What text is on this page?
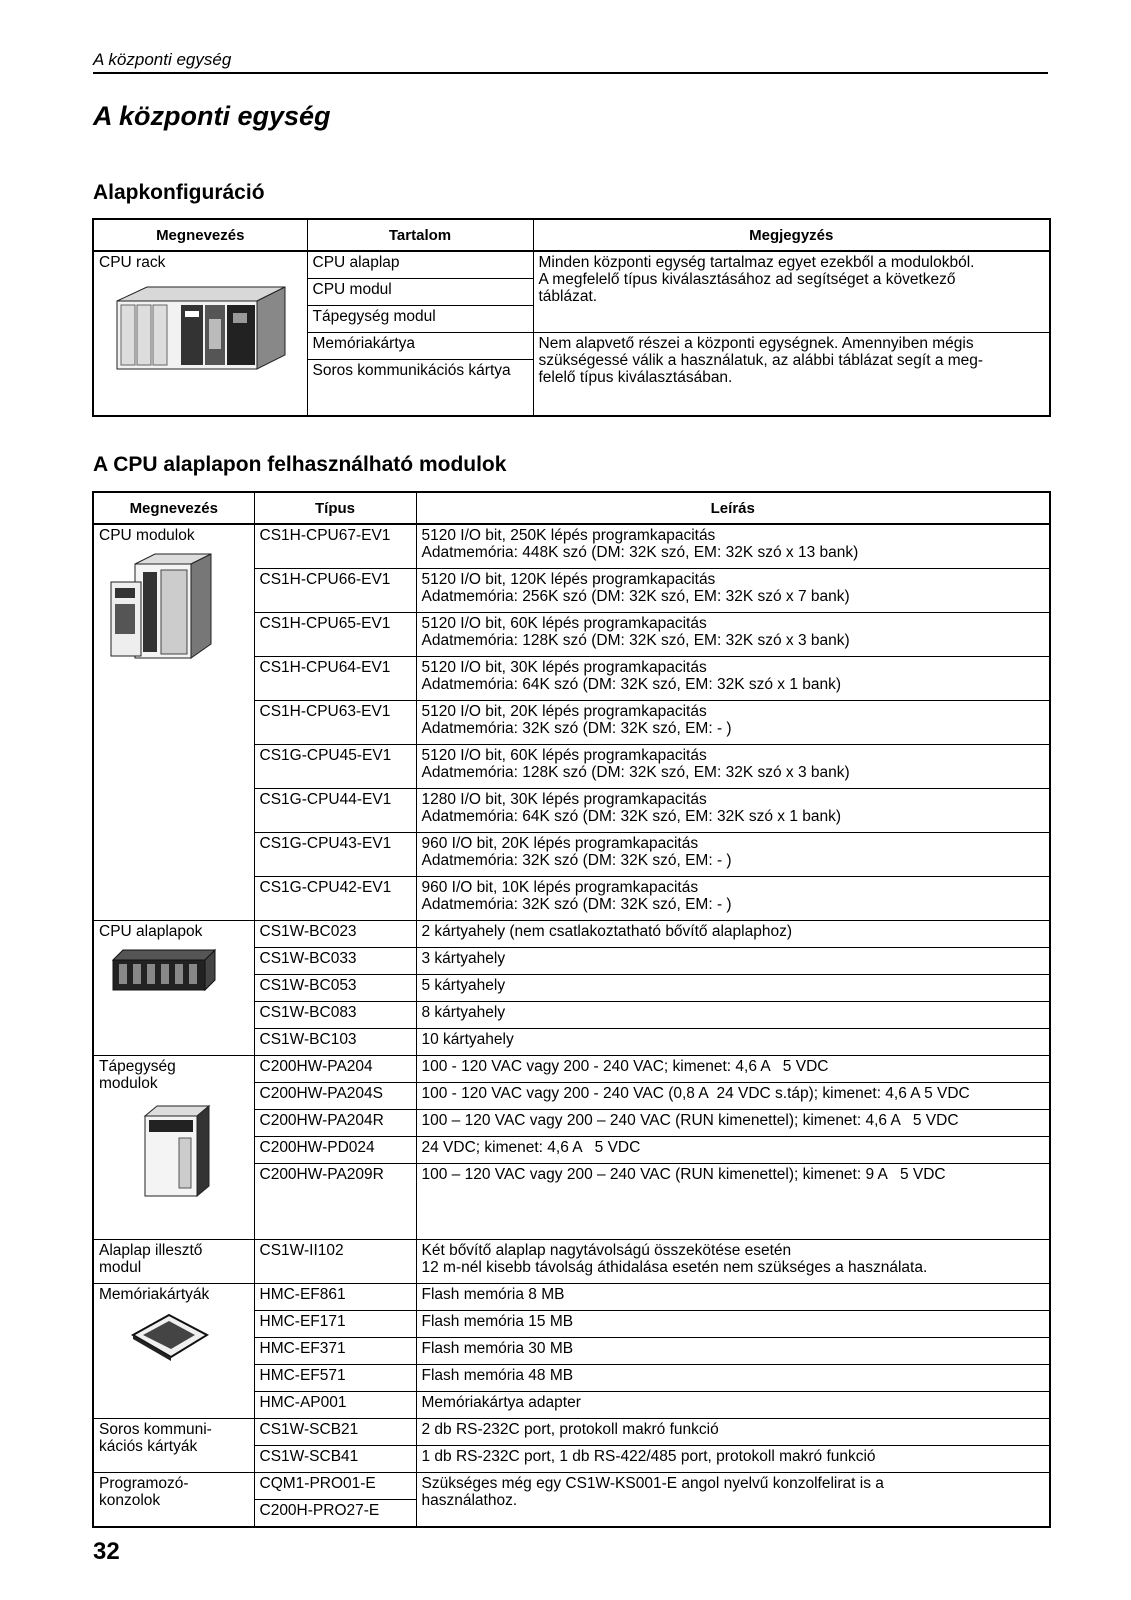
A központi egység
A központi egység
Alapkonfiguráció
Megnevezés	Tartalom	Megjegyzés

CPU rack	CPU alaplap	Minden központi egység tartalmaz egyet ezekből a modulokból.
A megfelelő típus kiválasztásához ad segítséget a következő
táblázat.

	CPU modul	
	Tápegység modul	
	Memóriakártya	Nem alapvető részei a központi egységnek. Amennyiben mégis
szükségessé válik a használatuk, az alábbi táblázat segít a meg-
felelő típus kiválasztásában.

	Soros kommunikációs kártya	

A CPU alaplapon felhasználható modulok
Megnevezés	Típus	Leírás

CPU modulok	CS1H-CPU67-EV1	5120 I/O bit, 250K lépés programkapacitás
Adatmemória: 448K szó (DM: 32K szó, EM: 32K szó x 13 bank)

	CS1H-CPU66-EV1	5120 I/O bit, 120K lépés programkapacitás
Adatmemória: 256K szó (DM: 32K szó, EM: 32K szó x 7 bank)

	CS1H-CPU65-EV1	5120 I/O bit, 60K lépés programkapacitás
Adatmemória: 128K szó (DM: 32K szó, EM: 32K szó x 3 bank)

	CS1H-CPU64-EV1	5120 I/O bit, 30K lépés programkapacitás
Adatmemória: 64K szó (DM: 32K szó, EM: 32K szó x 1 bank)

	CS1H-CPU63-EV1	5120 I/O bit, 20K lépés programkapacitás
Adatmemória: 32K szó (DM: 32K szó, EM: - )

	CS1G-CPU45-EV1	5120 I/O bit, 60K lépés programkapacitás
Adatmemória: 128K szó (DM: 32K szó, EM: 32K szó x 3 bank)

	CS1G-CPU44-EV1	1280 I/O bit, 30K lépés programkapacitás
Adatmemória: 64K szó (DM: 32K szó, EM: 32K szó x 1 bank)

	CS1G-CPU43-EV1	960 I/O bit, 20K lépés programkapacitás
Adatmemória: 32K szó (DM: 32K szó, EM: - )

	CS1G-CPU42-EV1	960 I/O bit, 10K lépés programkapacitás
Adatmemória: 32K szó (DM: 32K szó, EM: - )

CPU alaplapok	CS1W-BC023	2 kártyahely (nem csatlakoztatható bővítő alaplaphoz)
	CS1W-BC033	3 kártyahely
	CS1W-BC053	5 kártyahely
	CS1W-BC083	8 kártyahely
	CS1W-BC103	10 kártyahely

Tápegység
modulok	C200HW-PA204	100 - 120 VAC vagy 200 - 240 VAC; kimenet: 4,6 A   5 VDC
	C200HW-PA204S	100 - 120 VAC vagy 200 - 240 VAC (0,8 A  24 VDC s.táp); kimenet: 4,6 A 5 VDC
	C200HW-PA204R	100 – 120 VAC vagy 200 – 240 VAC (RUN kimenettel); kimenet: 4,6 A   5 VDC
	C200HW-PD024	24 VDC; kimenet: 4,6 A   5 VDC
	C200HW-PA209R	100 – 120 VAC vagy 200 – 240 VAC (RUN kimenettel); kimenet: 9 A   5 VDC

Alaplap illesztő
modul	CS1W-II102	Két bővítő alaplap nagytávolságú összekötése esetén
12 m-nél kisebb távolság áthidalása esetén nem szükséges a használata.

Memóriakártyák	HMC-EF861	Flash memória 8 MB
	HMC-EF171	Flash memória 15 MB
	HMC-EF371	Flash memória 30 MB
	HMC-EF571	Flash memória 48 MB
	HMC-AP001	Memóriakártya adapter

Soros kommuni-
kációs kártyák	CS1W-SCB21	2 db RS-232C port, protokoll makró funkció
	CS1W-SCB41	1 db RS-232C port, 1 db RS-422/485 port, protokoll makró funkció

Programozó-
konzolok	CQM1-PRO01-E	Szükséges még egy CS1W-KS001-E angol nyelvű konzolfelirat is a
használathoz.

	C200H-PRO27-E	
32
